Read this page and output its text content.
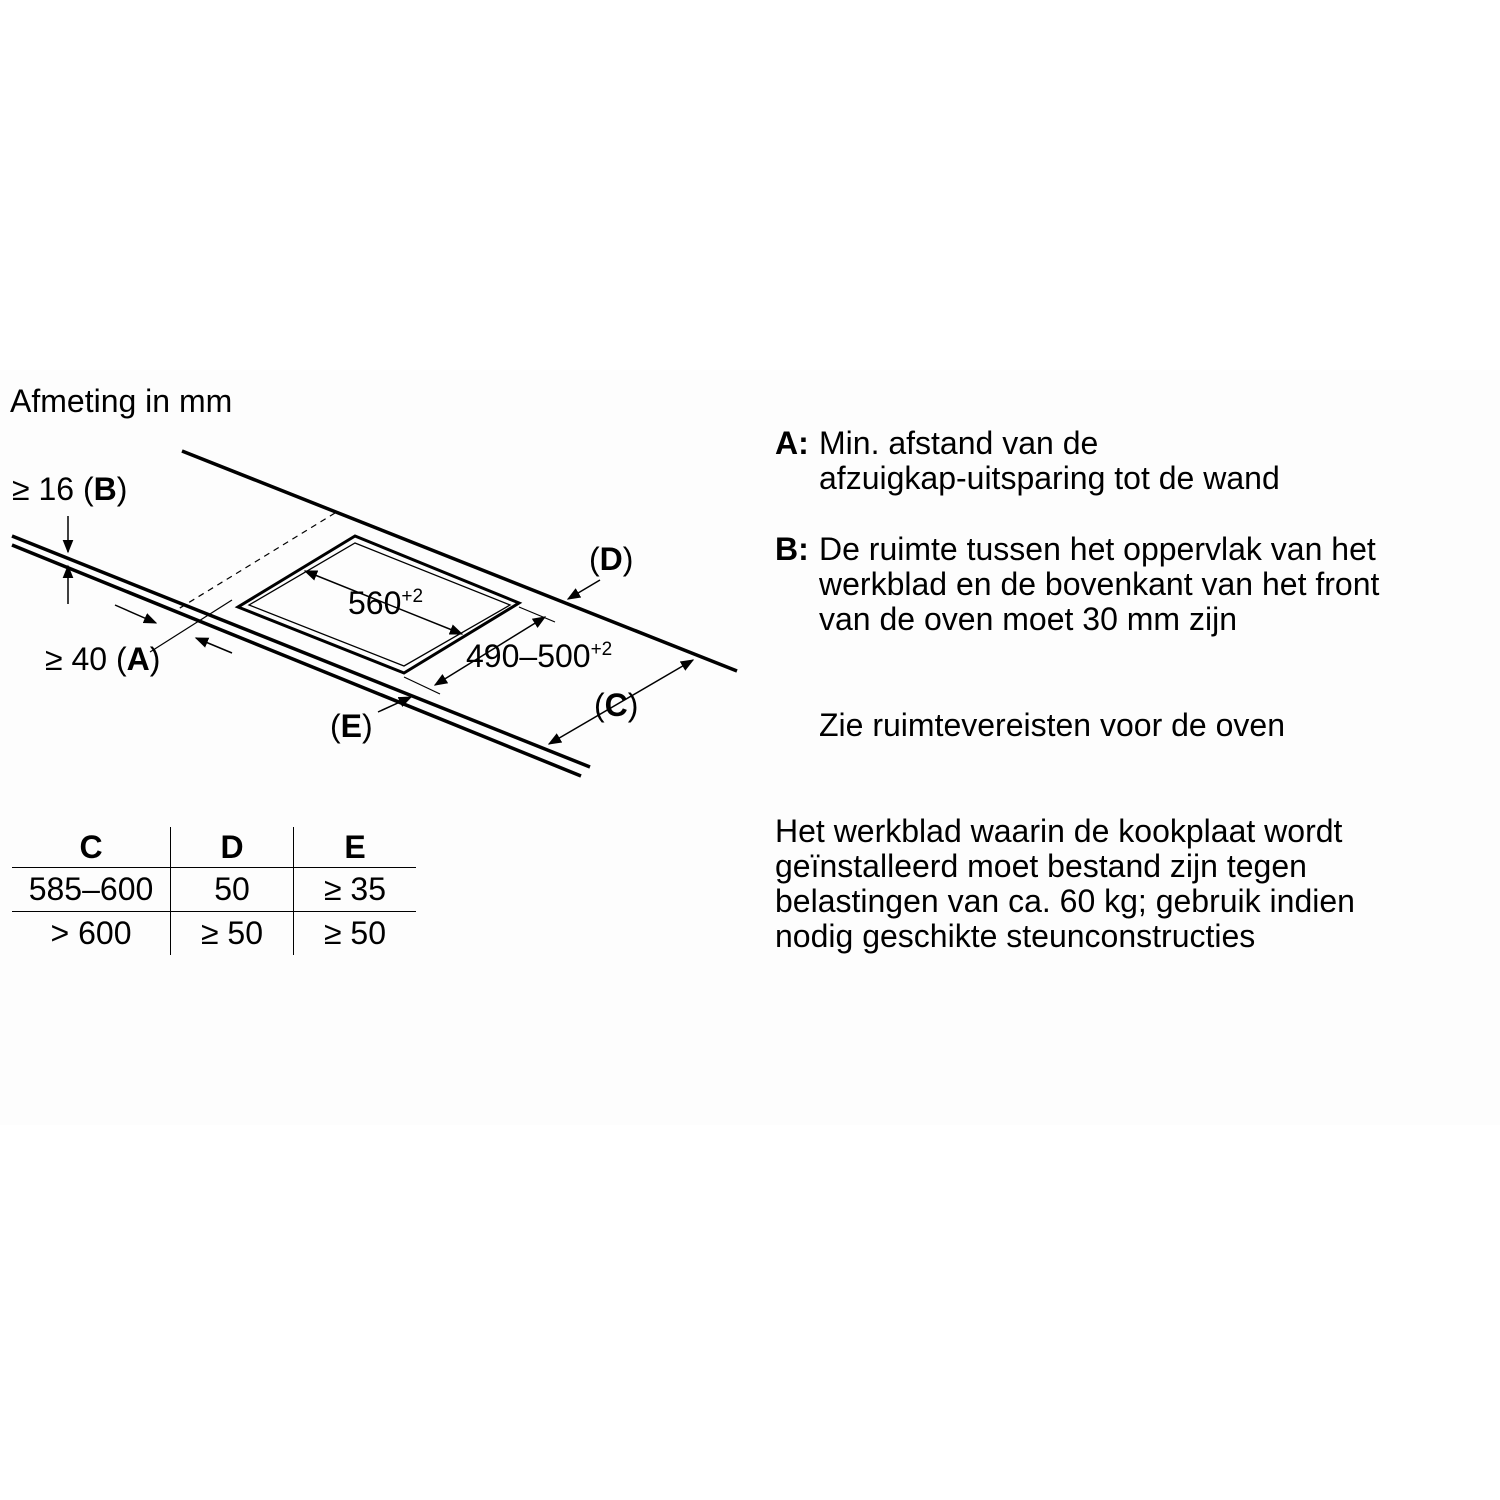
Afmeting in mm
≥ 16 (B)
≥ 40 (A)
(D)
(C)
(E)
$560^{+2}$
$490-500^{+2}$
C	D	E
585–600	50	≥ 35
> 600	≥ 50	≥ 50
A: Min. afstand van de
afzuigkap-uitsparing tot de wand
B: De ruimte tussen het oppervlak van het
werkblad en de bovenkant van het front
van de oven moet 30 mm zijn
Zie ruimtevereisten voor de oven
Het werkblad waarin de kookplaat wordt
geïnstalleerd moet bestand zijn tegen
belastingen van ca. 60 kg; gebruik indien
nodig geschikte steunconstructies
